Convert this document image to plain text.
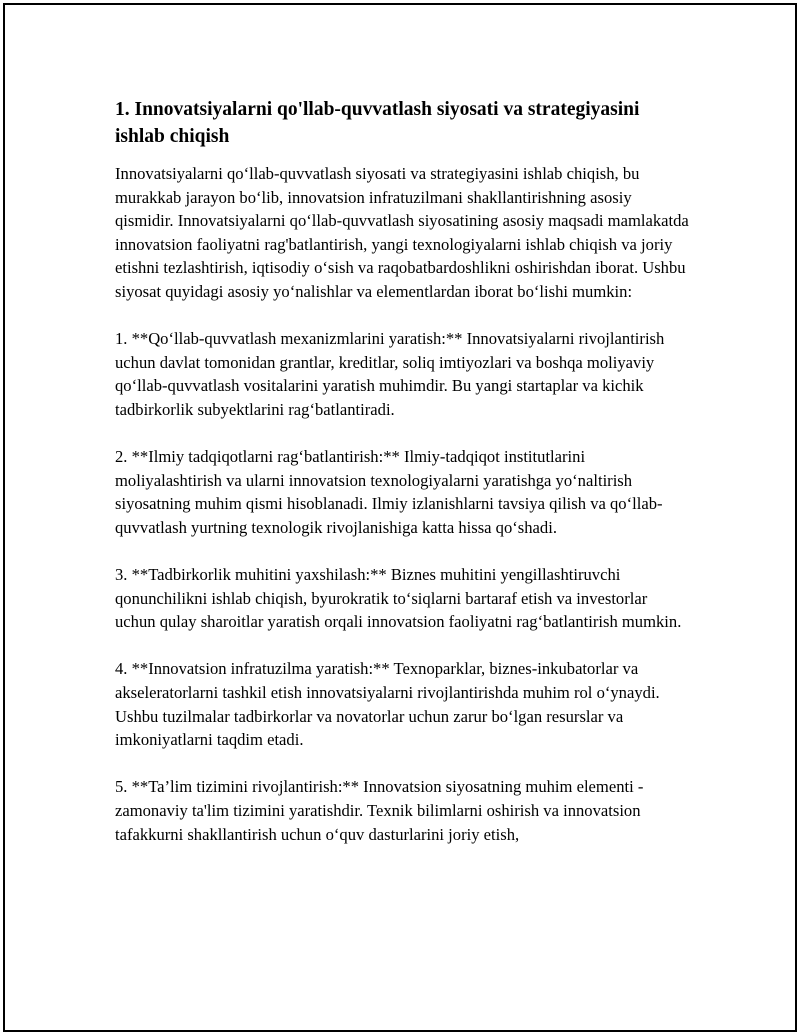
1. Innovatsiyalarni qo'llab-quvvatlash siyosati va strategiyasini ishlab chiqish

Innovatsiyalarni qo‘llab-quvvatlash siyosati va strategiyasini ishlab chiqish, bu murakkab jarayon bo‘lib, innovatsion infratuzilmani shakllantirishning asosiy qismidir. Innovatsiyalarni qo‘llab-quvvatlash siyosatining asosiy maqsadi mamlakatda innovatsion faoliyatni rag'batlantirish, yangi texnologiyalarni ishlab chiqish va joriy etishni tezlashtirish, iqtisodiy o‘sish va raqobatbardoshlikni oshirishdan iborat. Ushbu siyosat quyidagi asosiy yo‘nalishlar va elementlardan iborat bo‘lishi mumkin:

1. **Qo‘llab-quvvatlash mexanizmlarini yaratish:** Innovatsiyalarni rivojlantirish uchun davlat tomonidan grantlar, kreditlar, soliq imtiyozlari va boshqa moliyaviy qo‘llab-quvvatlash vositalarini yaratish muhimdir. Bu yangi startaplar va kichik tadbirkorlik subyektlarini rag‘batlantiradi.

2. **Ilmiy tadqiqotlarni rag‘batlantirish:** Ilmiy-tadqiqot institutlarini moliyalashtirish va ularni innovatsion texnologiyalarni yaratishga yo‘naltirish siyosatning muhim qismi hisoblanadi. Ilmiy izlanishlarni tavsiya qilish va qo‘llab-quvvatlash yurtning texnologik rivojlanishiga katta hissa qo‘shadi.

3. **Tadbirkorlik muhitini yaxshilash:** Biznes muhitini yengillashtiruvchi qonunchilikni ishlab chiqish, byurokratik to‘siqlarni bartaraf etish va investorlar uchun qulay sharoitlar yaratish orqali innovatsion faoliyatni rag‘batlantirish mumkin.

4. **Innovatsion infratuzilma yaratish:** Texnoparklar, biznes-inkubatorlar va akseleratorlarni tashkil etish innovatsiyalarni rivojlantirishda muhim rol o‘ynaydi. Ushbu tuzilmalar tadbirkorlar va novatorlar uchun zarur bo‘lgan resurslar va imkoniyatlarni taqdim etadi.

5. **Ta’lim tizimini rivojlantirish:** Innovatsion siyosatning muhim elementi - zamonaviy ta'lim tizimini yaratishdir. Texnik bilimlarni oshirish va innovatsion tafakkurni shakllantirish uchun o‘quv dasturlarini joriy etish,
